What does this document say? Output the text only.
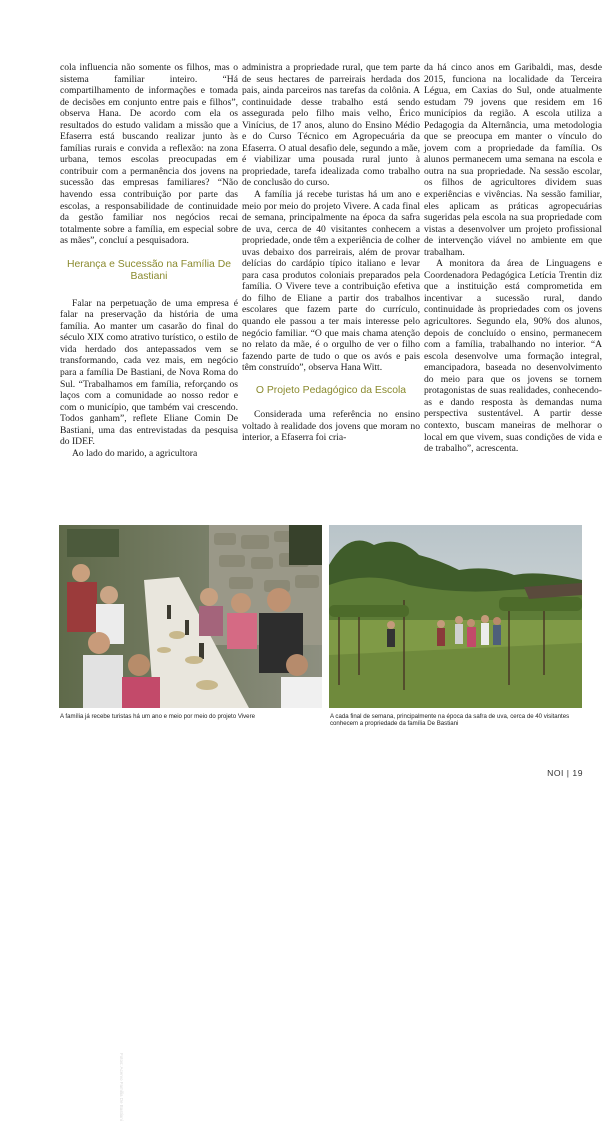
cola influencia não somente os filhos, mas o sistema familiar inteiro. “Há compartilhamento de informações e tomada de decisões em conjunto entre pais e filhos”, observa Hana. De acordo com ela os resultados do estudo validam a missão que a Efaserra está buscando realizar junto às famílias rurais e convida a reflexão: na zona urbana, temos escolas preocupadas em contribuir com a permanência dos jovens na sucessão das empresas familiares? “Não havendo essa contribuição por parte das escolas, a responsabilidade de continuidade da gestão familiar nos negócios recai totalmente sobre a família, em especial sobre as mães”, concluí a pesquisadora.

Herança e Sucessão na Família De Bastiani

Falar na perpetuação de uma empresa é falar na preservação da história de uma família. Ao manter um casarão do final do século XIX como atrativo turístico, o estilo de vida herdado dos antepassados vem se transformando, cada vez mais, em negócio para a família De Bastiani, de Nova Roma do Sul. “Trabalhamos em família, reforçando os laços com a comunidade ao nosso redor e com o município, que também vai crescendo. Todos ganham”, reflete Eliane Comin De Bastiani, uma das entrevistadas da pesquisa do IDEF.

Ao lado do marido, a agricultora

administra a propriedade rural, que tem parte de seus hectares de parreirais herdada dos pais, ainda parceiros nas tarefas da colônia. A continuidade desse trabalho está sendo assegurada pelo filho mais velho, Érico Vinícius, de 17 anos, aluno do Ensino Médio e do Curso Técnico em Agropecuária da Efaserra. O atual desafio dele, segundo a mãe, é viabilizar uma pousada rural junto à propriedade, tarefa idealizada como trabalho de conclusão do curso.

A família já recebe turistas há um ano e meio por meio do projeto Vivere. A cada final de semana, principalmente na época da safra de uva, cerca de 40 visitantes conhecem a propriedade, onde têm a experiência de colher uvas debaixo dos parreirais, além de provar delícias do cardápio típico italiano e levar para casa produtos coloniais preparados pela família. O Vivere teve a contribuição efetiva do filho de Eliane a partir dos trabalhos escolares que fazem parte do currículo, quando ele passou a ter mais interesse pelo negócio familiar. “O que mais chama atenção no relato da mãe, é o orgulho de ver o filho fazendo parte de tudo o que os avós e pais têm construído”, observa Hana Witt.

O Projeto Pedagógico da Escola

Considerada uma referência no ensino voltado à realidade dos jovens que moram no interior, a Efaserra foi cria-

da há cinco anos em Garibaldi, mas, desde 2015, funciona na localidade da Terceira Légua, em Caxias do Sul, onde atualmente estudam 79 jovens que residem em 16 municípios da região. A escola utiliza a Pedagogia da Alternância, uma metodologia que se preocupa em manter o vínculo do jovem com a propriedade da família. Os alunos permanecem uma semana na escola e outra na sua propriedade. Na sessão escolar, os filhos de agricultores dividem suas experiências e vivências. Na sessão familiar, eles aplicam as práticas agropecuárias sugeridas pela escola na sua propriedade com vistas a desenvolver um projeto profissional de intervenção viável no ambiente em que trabalham.

A monitora da área de Linguagens e Coordenadora Pedagógica Letícia Trentin diz que a instituição está comprometida em incentivar a sucessão rural, dando continuidade às propriedades com os jovens agricultores. Segundo ela, 90% dos alunos, depois de concluído o ensino, permanecem com a família, trabalhando no interior. “A escola desenvolve uma formação integral, emancipadora, baseada no desenvolvimento do meio para que os jovens se tornem protagonistas de suas realidades, conhecendo-as e dando resposta às demandas numa perspectiva sustentável. A partir desse contexto, buscam maneiras de melhorar o local em que vivem, suas condições de vida e de trabalho”, acrescenta.

Fotos: Acervo Família De Bastiani
A família já recebe turistas há um ano e meio por meio do projeto Vivere	A cada final de semana, principalmente na época da safra de uva, cerca de 40 visitantes conhecem a propriedade da família De Bastiani
NOI | 19
